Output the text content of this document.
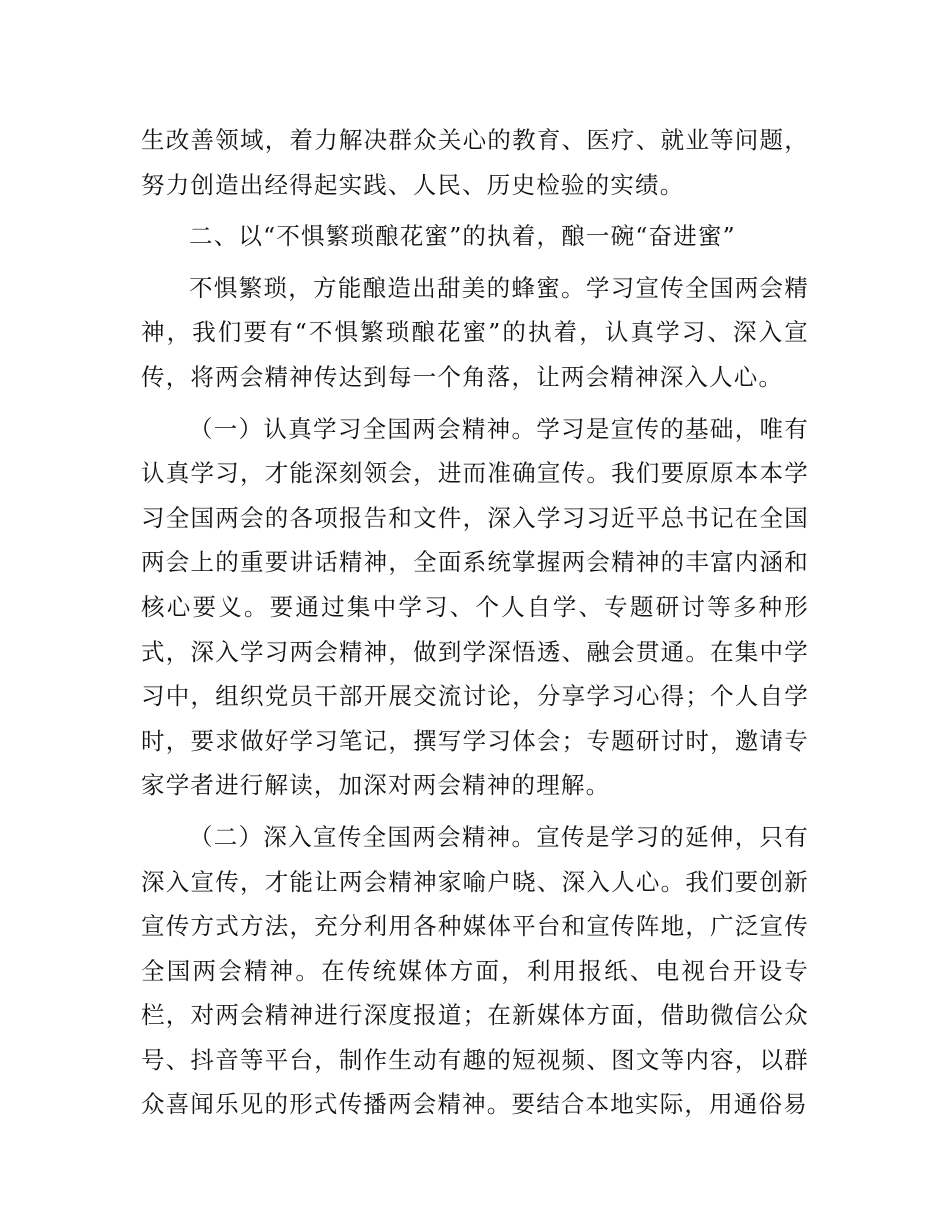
生改善领域，着力解决群众关心的教育、医疗、就业等问题，努力创造出经得起实践、人民、历史检验的实绩。

二、以“不惧繁琐酿花蜜”的执着，酿一碗“奋进蜜”

不惧繁琐，方能酿造出甜美的蜂蜜。学习宣传全国两会精神，我们要有“不惧繁琐酿花蜜”的执着，认真学习、深入宣传，将两会精神传达到每一个角落，让两会精神深入人心。

（一）认真学习全国两会精神。学习是宣传的基础，唯有认真学习，才能深刻领会，进而准确宣传。我们要原原本本学习全国两会的各项报告和文件，深入学习习近平总书记在全国两会上的重要讲话精神，全面系统掌握两会精神的丰富内涵和核心要义。要通过集中学习、个人自学、专题研讨等多种形式，深入学习两会精神，做到学深悟透、融会贯通。在集中学习中，组织党员干部开展交流讨论，分享学习心得；个人自学时，要求做好学习笔记，撰写学习体会；专题研讨时，邀请专家学者进行解读，加深对两会精神的理解。

（二）深入宣传全国两会精神。宣传是学习的延伸，只有深入宣传，才能让两会精神家喻户晓、深入人心。我们要创新宣传方式方法，充分利用各种媒体平台和宣传阵地，广泛宣传全国两会精神。在传统媒体方面，利用报纸、电视台开设专栏，对两会精神进行深度报道；在新媒体方面，借助微信公众号、抖音等平台，制作生动有趣的短视频、图文等内容，以群众喜闻乐见的形式传播两会精神。要结合本地实际，用通俗易
